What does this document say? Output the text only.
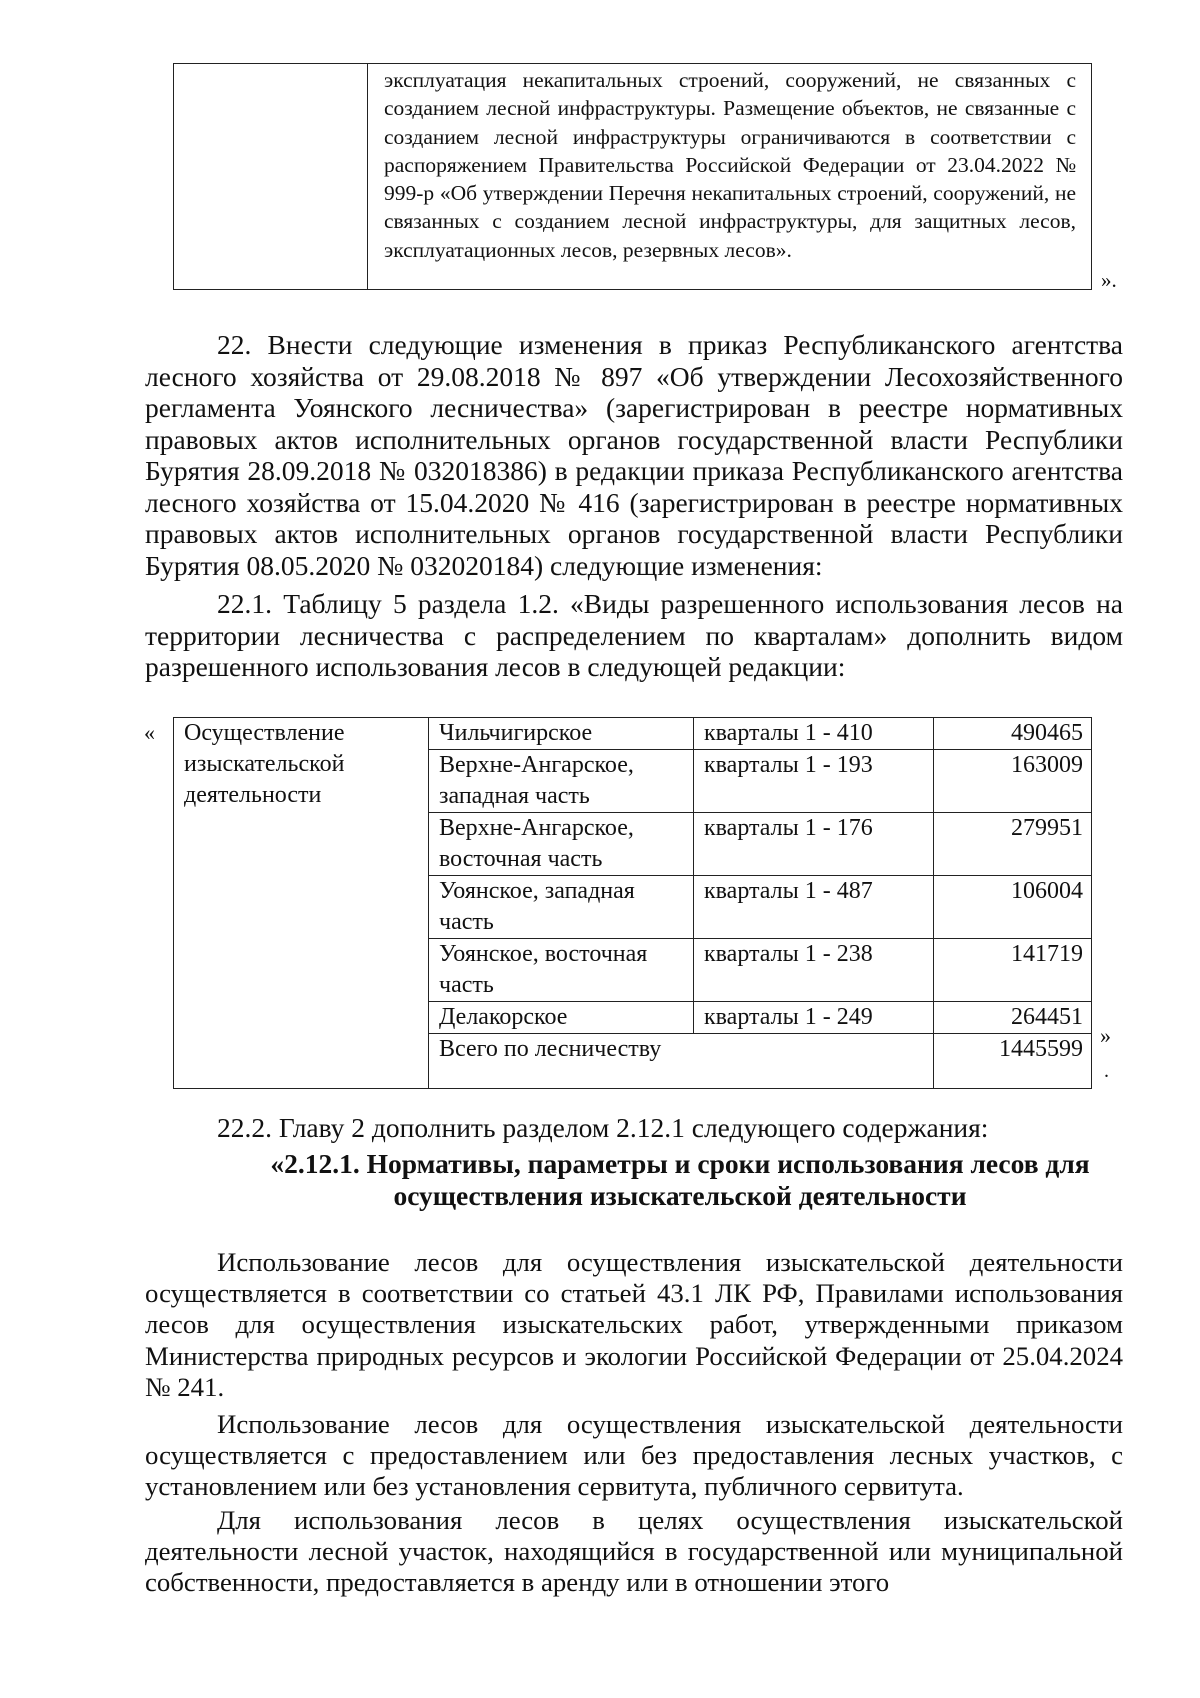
эксплуатация некапитальных строений, сооружений, не связанных с созданием лесной инфраструктуры. Размещение объектов, не связанные с созданием лесной инфраструктуры ограничиваются в соответствии с распоряжением Правительства Российской Федерации от 23.04.2022 № 999-р «Об утверждении Перечня некапитальных строений, сооружений, не связанных с созданием лесной инфраструктуры, для защитных лесов, эксплуатационных лесов, резервных лесов».
».
22. Внести следующие изменения в приказ Республиканского агентства лесного хозяйства от 29.08.2018 № 897 «Об утверждении Лесохозяйственного регламента Уоянского лесничества» (зарегистрирован в реестре нормативных правовых актов исполнительных органов государственной власти Республики Бурятия 28.09.2018 № 032018386) в редакции приказа Республиканского агентства лесного хозяйства от 15.04.2020 № 416 (зарегистрирован в реестре нормативных правовых актов исполнительных органов государственной власти Республики Бурятия 08.05.2020 № 032020184) следующие изменения:
22.1. Таблицу 5 раздела 1.2. «Виды разрешенного использования лесов на территории лесничества с распределением по кварталам» дополнить видом разрешенного использования лесов в следующей редакции:
« Осуществление изыскательской деятельности	Чильчигирское	кварталы 1 - 410	490465
	Верхне-Ангарское, западная часть	кварталы 1 - 193	163009
	Верхне-Ангарское, восточная часть	кварталы 1 - 176	279951
	Уоянское, западная часть	кварталы 1 - 487	106004
	Уоянское, восточная часть	кварталы 1 - 238	141719
	Делакорское	кварталы 1 - 249	264451
	Всего по лесничеству		1445599
»
.
22.2. Главу 2 дополнить разделом 2.12.1 следующего содержания:
«2.12.1. Нормативы, параметры и сроки использования лесов для осуществления изыскательской деятельности
Использование лесов для осуществления изыскательской деятельности осуществляется в соответствии со статьей 43.1 ЛК РФ, Правилами использования лесов для осуществления изыскательских работ, утвержденными приказом Министерства природных ресурсов и экологии Российской Федерации от 25.04.2024 № 241.
Использование лесов для осуществления изыскательской деятельности осуществляется с предоставлением или без предоставления лесных участков, с установлением или без установления сервитута, публичного сервитута.
Для использования лесов в целях осуществления изыскательской деятельности лесной участок, находящийся в государственной или муниципальной собственности, предоставляется в аренду или в отношении этого
